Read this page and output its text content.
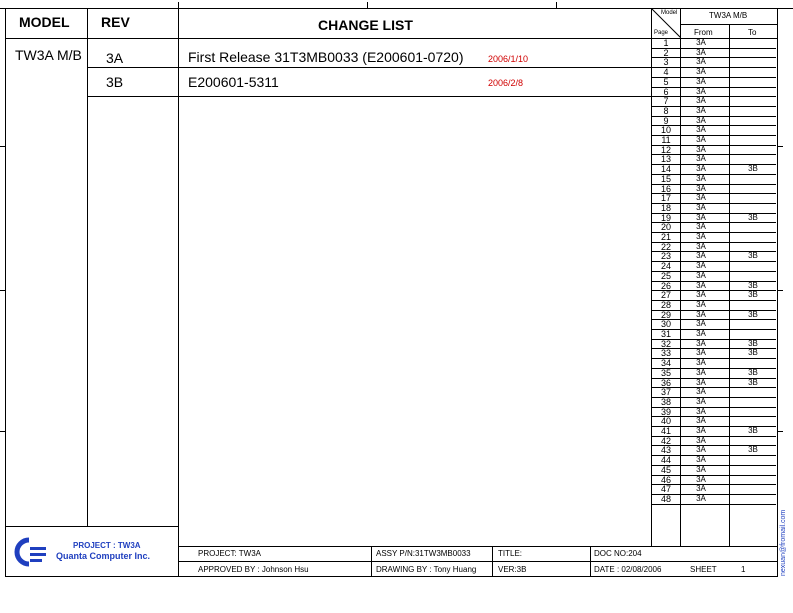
MODEL REV	CHANGE LIST
TW3A M/B 3A	First Release 31T3MB0033 (E200601-0720)	2006/1/10
3B	E200601-5311	2006/2/8
Model
Page
TW3A M/B
From	To
1	3A
2	3A
3	3A
4	3A
5	3A
6	3A
7	3A
8	3A
9	3A
10	3A
11	3A
12	3A
13	3A
14	3A	3B
15	3A
16	3A
17	3A
18	3A
19	3A	3B
20	3A
21	3A
22	3A
23	3A	3B
24	3A
25	3A
26	3A	3B
27	3A	3B
28	3A
29	3A	3B
30	3A
31	3A
32	3A	3B
33	3A	3B
34	3A
35	3A	3B
36	3A	3B
37	3A
38	3A
39	3A
40	3A
41	3A	3B
42	3A
43	3A	3B
44	3A
45	3A
46	3A
47	3A
48	3A
PROJECT : TW3A
Quanta Computer Inc.	PROJECT: TW3A	ASSY P/N:31TW3MB0033	TITLE:	DOC NO:204
APPROVED BY : Johnson Hsu	DRAWING BY : Tony Huang	VER:3B	DATE : 02/08/2006	SHEET	1	nexuan@fromail.com
